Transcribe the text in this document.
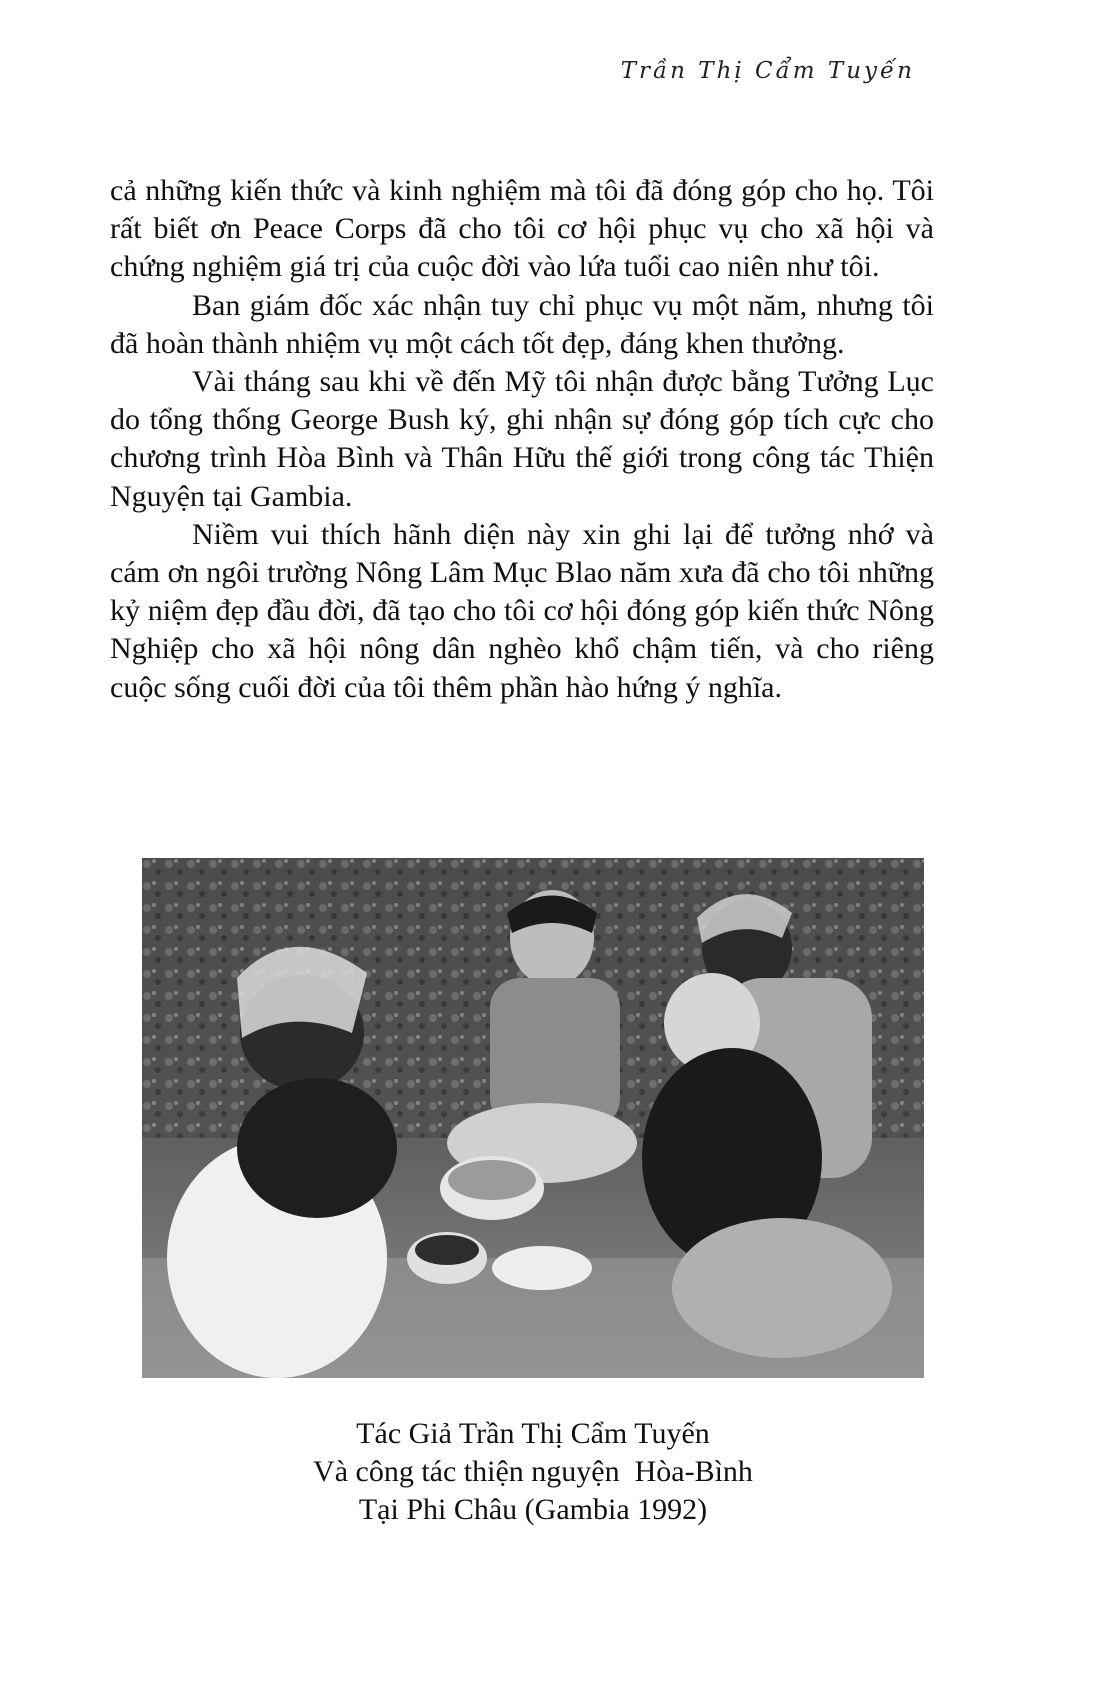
Trần Thị Cẩm Tuyến

cả những kiến thức và kinh nghiệm mà tôi đã đóng góp cho họ. Tôi rất biết ơn Peace Corps đã cho tôi cơ hội phục vụ cho xã hội và chứng nghiệm giá trị của cuộc đời vào lứa tuổi cao niên như tôi.

Ban giám đốc xác nhận tuy chỉ phục vụ một năm, nhưng tôi đã hoàn thành nhiệm vụ một cách tốt đẹp, đáng khen thưởng.

Vài tháng sau khi về đến Mỹ tôi nhận được bằng Tưởng Lục do tổng thống George Bush ký, ghi nhận sự đóng góp tích cực cho chương trình Hòa Bình và Thân Hữu thế giới trong công tác Thiện Nguyện tại Gambia.

Niềm vui thích hãnh diện này xin ghi lại để tưởng nhớ và cám ơn ngôi trường Nông Lâm Mục Blao năm xưa đã cho tôi những kỷ niệm đẹp đầu đời, đã tạo cho tôi cơ hội đóng góp kiến thức Nông Nghiệp cho xã hội nông dân nghèo khổ chậm tiến, và cho riêng cuộc sống cuối đời của tôi thêm phần hào hứng ý nghĩa.

Tác Giả Trần Thị Cẩm Tuyến
Và công tác thiện nguyện  Hòa-Bình
Tại Phi Châu (Gambia 1992)
